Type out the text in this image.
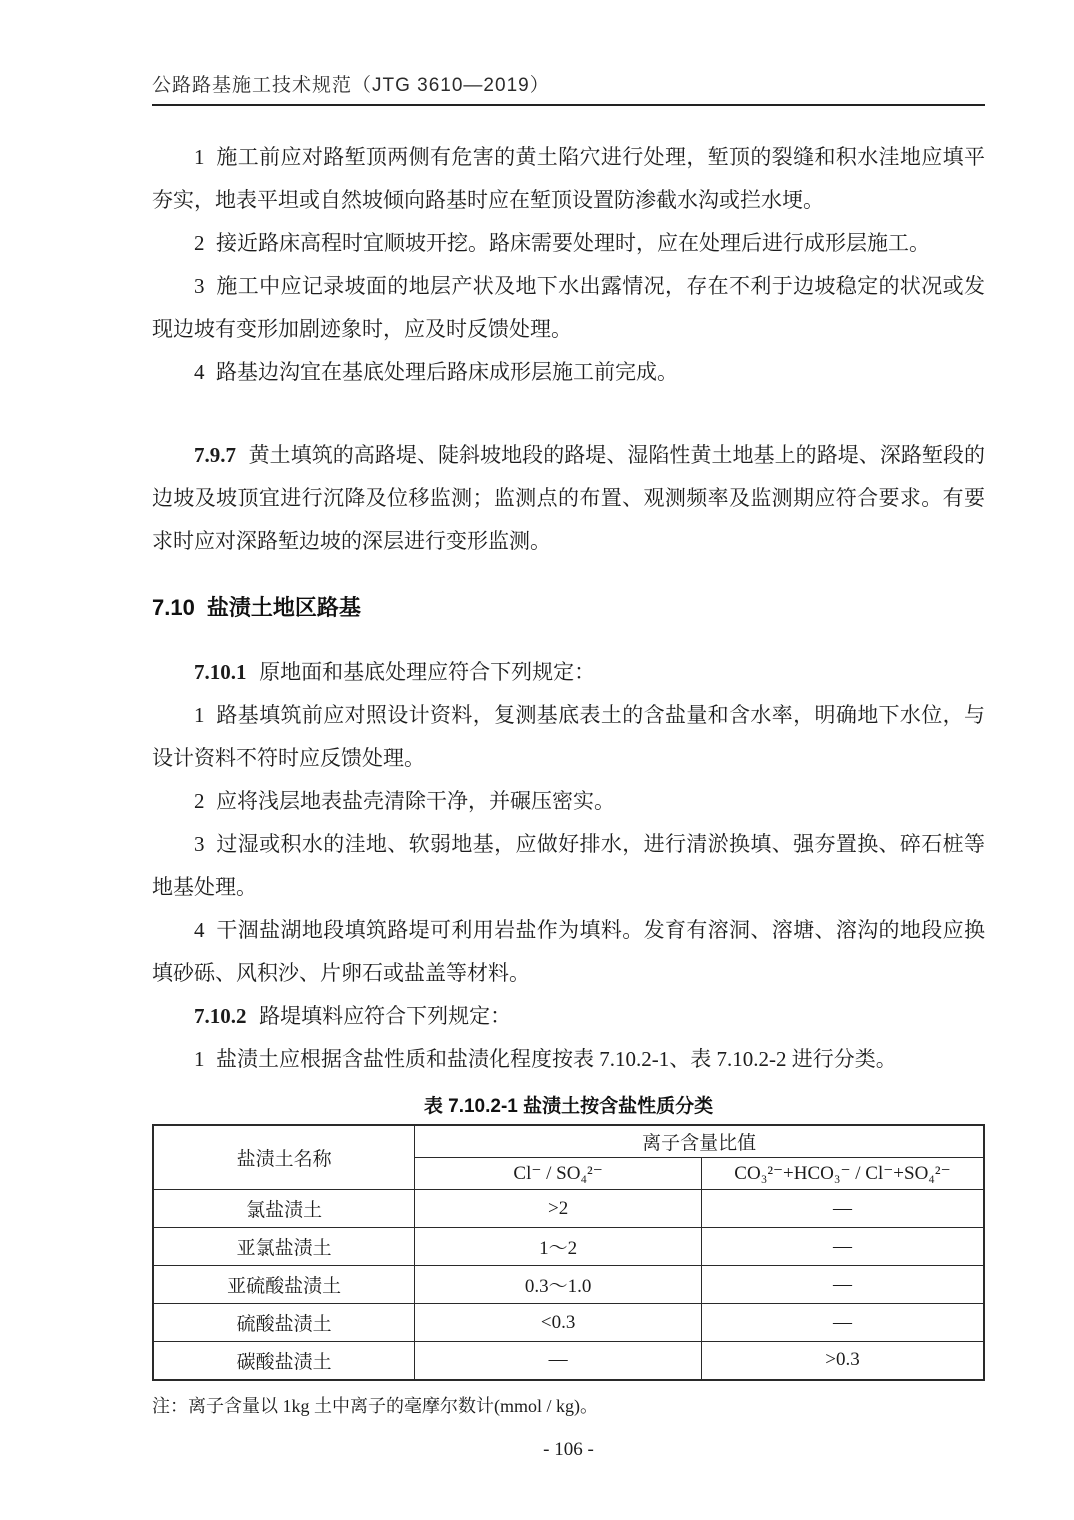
公路路基施工技术规范（JTG 3610—2019）

1 施工前应对路堑顶两侧有危害的黄土陷穴进行处理，堑顶的裂缝和积水洼地应填平夯实，地表平坦或自然坡倾向路基时应在堑顶设置防渗截水沟或拦水埂。

2 接近路床高程时宜顺坡开挖。路床需要处理时，应在处理后进行成形层施工。

3 施工中应记录坡面的地层产状及地下水出露情况，存在不利于边坡稳定的状况或发现边坡有变形加剧迹象时，应及时反馈处理。

4 路基边沟宜在基底处理后路床成形层施工前完成。

7.9.7 黄土填筑的高路堤、陡斜坡地段的路堤、湿陷性黄土地基上的路堤、深路堑段的边坡及坡顶宜进行沉降及位移监测；监测点的布置、观测频率及监测期应符合要求。有要求时应对深路堑边坡的深层进行变形监测。

7.10 盐渍土地区路基

7.10.1 原地面和基底处理应符合下列规定：

1 路基填筑前应对照设计资料，复测基底表土的含盐量和含水率，明确地下水位，与设计资料不符时应反馈处理。

2 应将浅层地表盐壳清除干净，并碾压密实。

3 过湿或积水的洼地、软弱地基，应做好排水，进行清淤换填、强夯置换、碎石桩等地基处理。

4 干涸盐湖地段填筑路堤可利用岩盐作为填料。发育有溶洞、溶塘、溶沟的地段应换填砂砾、风积沙、片卵石或盐盖等材料。

7.10.2 路堤填料应符合下列规定：

1 盐渍土应根据含盐性质和盐渍化程度按表 7.10.2-1、表 7.10.2-2 进行分类。

表 7.10.2-1 盐渍土按含盐性质分类
盐渍土名称	离子含量比值	
	Cl⁻ / SO₄²⁻	CO₃²⁻+HCO₃⁻ / Cl⁻+SO₄²⁻
氯盐渍土	>2	—
亚氯盐渍土	1～2	—
亚硫酸盐渍土	0.3～1.0	—
硫酸盐渍土	<0.3	—
碳酸盐渍土	—	>0.3

注：离子含量以 1kg 土中离子的毫摩尔数计(mmol / kg)。

- 106 -
